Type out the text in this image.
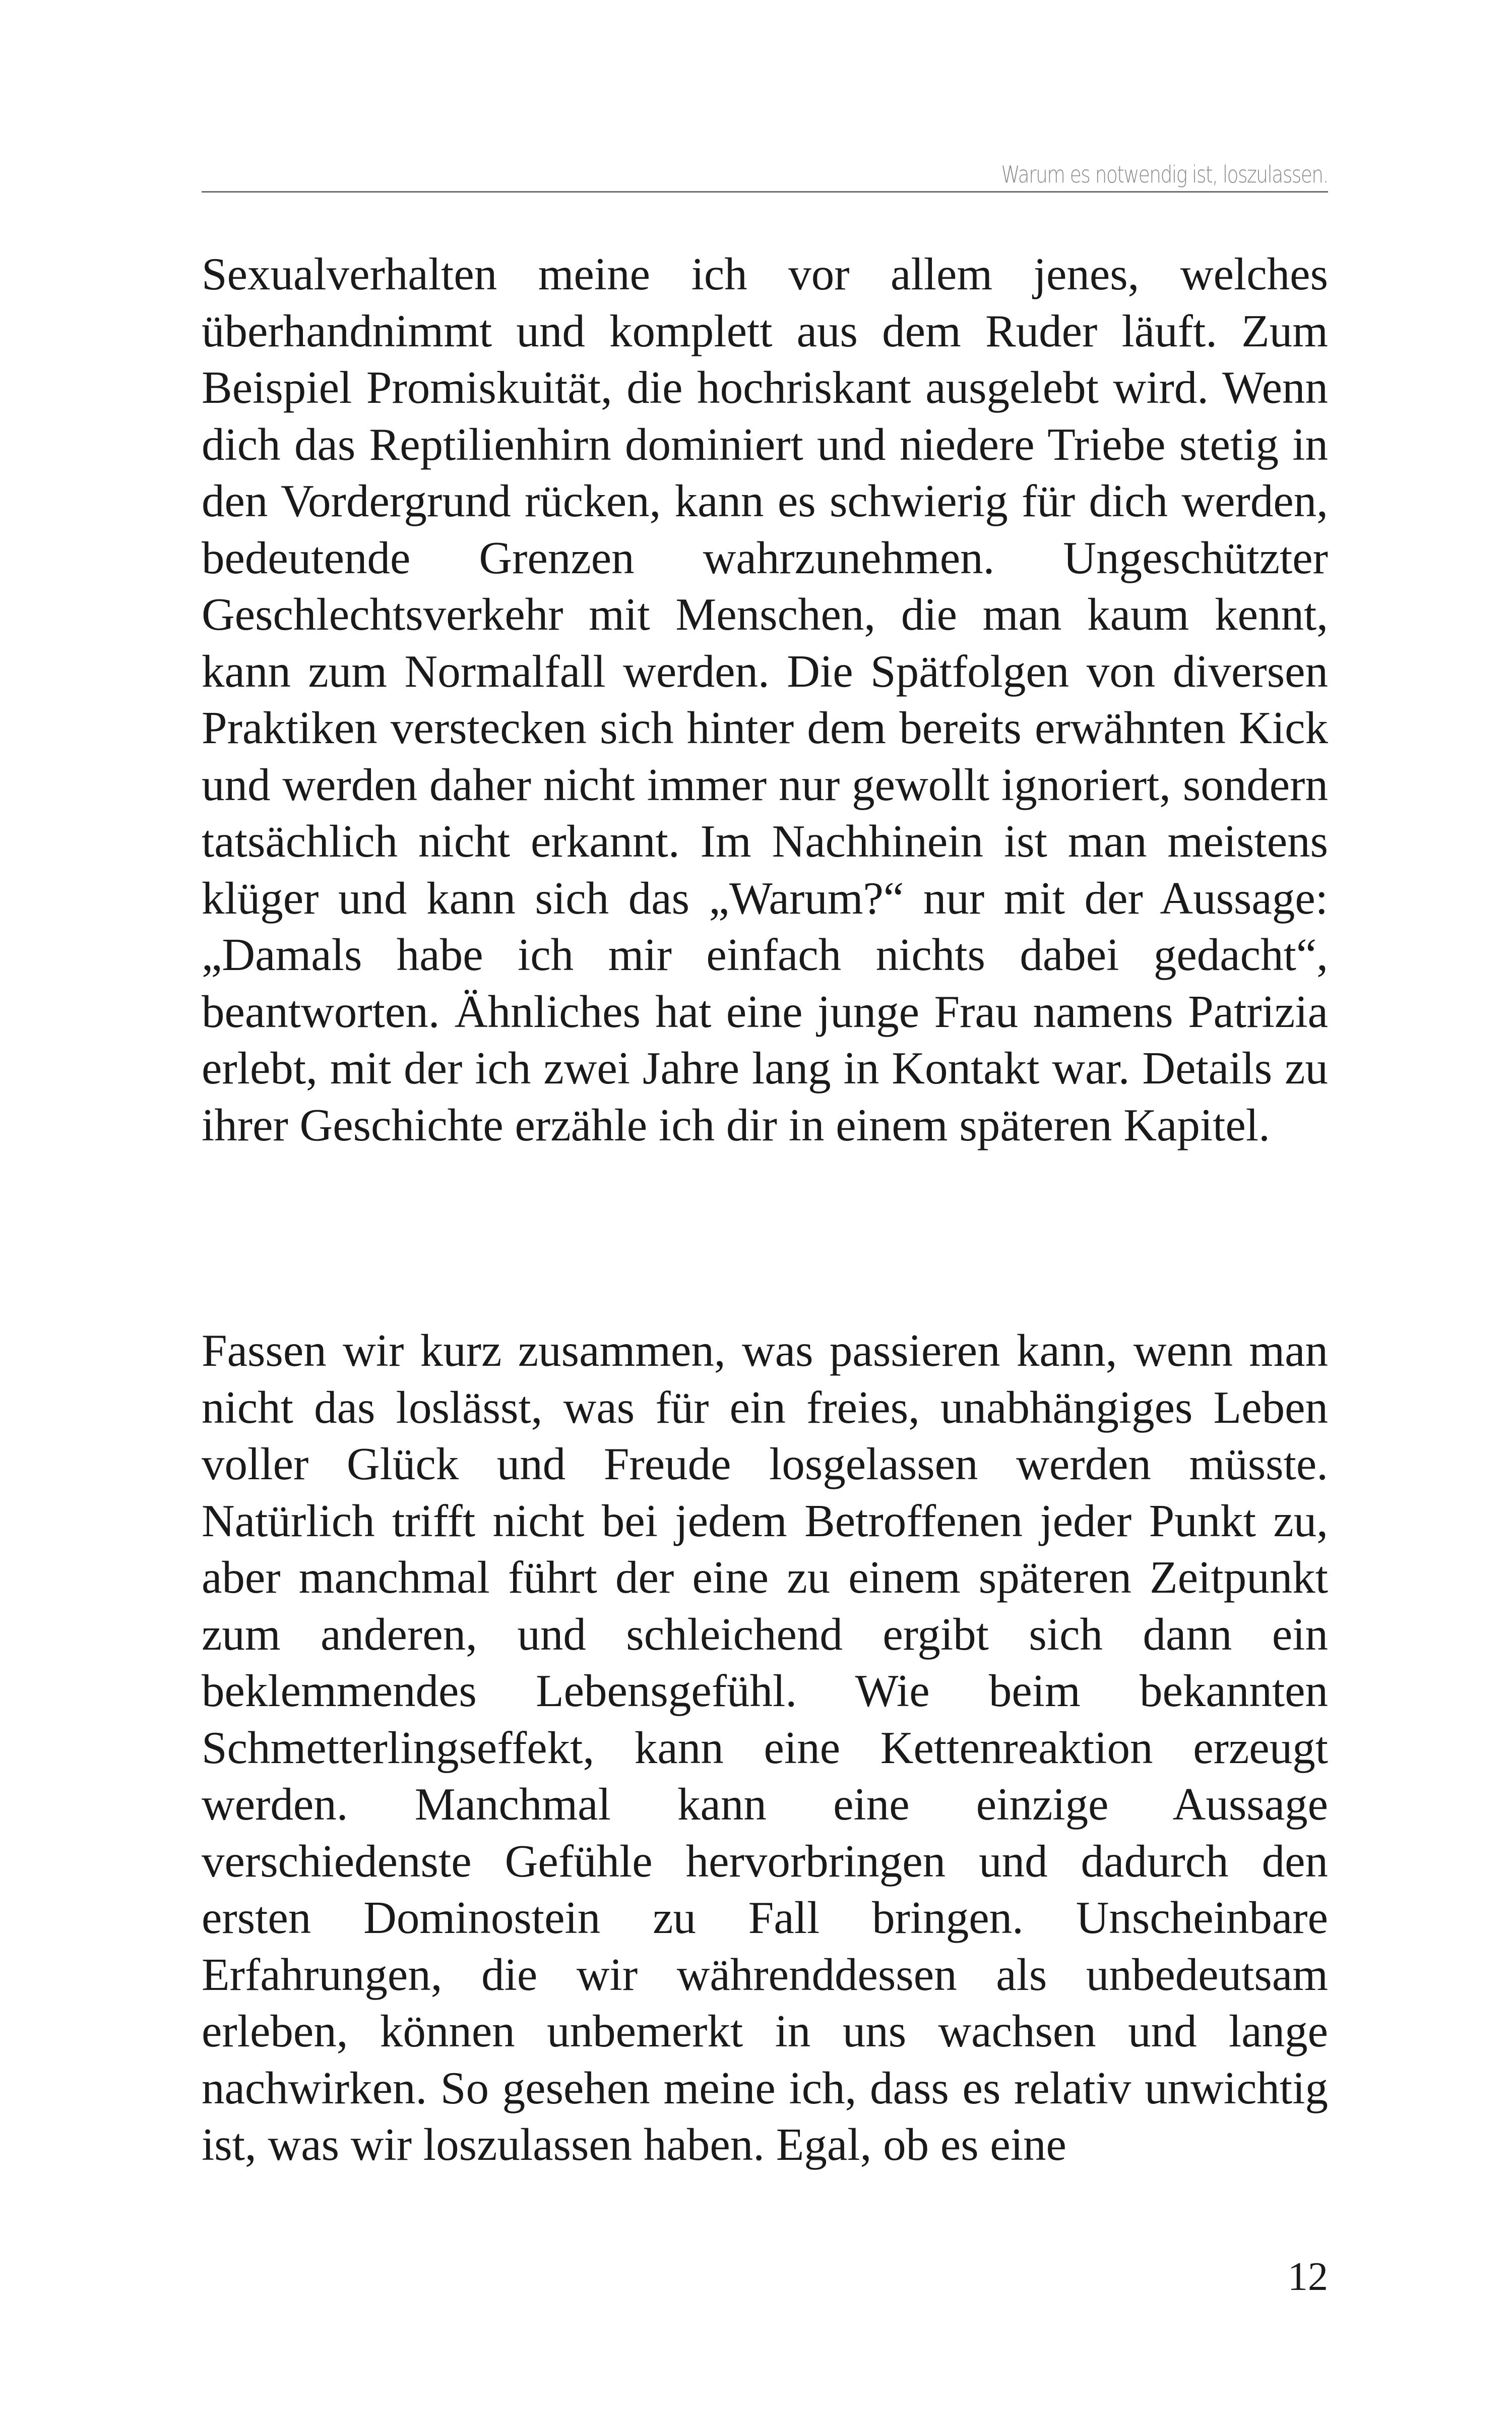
Warum es notwendig ist, loszulassen.

Sexualverhalten meine ich vor allem jenes, welches überhandnimmt und komplett aus dem Ruder läuft. Zum Beispiel Promiskuität, die hochriskant ausgelebt wird. Wenn dich das Reptilienhirn dominiert und niedere Triebe stetig in den Vordergrund rücken, kann es schwierig für dich werden, bedeutende Grenzen wahrzunehmen. Ungeschützter Geschlechtsverkehr mit Menschen, die man kaum kennt, kann zum Normalfall werden. Die Spätfolgen von diversen Praktiken verstecken sich hinter dem bereits erwähnten Kick und werden daher nicht immer nur gewollt ignoriert, sondern tatsächlich nicht erkannt. Im Nachhinein ist man meistens klüger und kann sich das „Warum?“ nur mit der Aussage: „Damals habe ich mir einfach nichts dabei gedacht“, beantworten. Ähnliches hat eine junge Frau namens Patrizia erlebt, mit der ich zwei Jahre lang in Kontakt war. Details zu ihrer Geschichte erzähle ich dir in einem späteren Kapitel.

Fassen wir kurz zusammen, was passieren kann, wenn man nicht das loslässt, was für ein freies, unabhängiges Leben voller Glück und Freude losgelassen werden müsste. Natürlich trifft nicht bei jedem Betroffenen jeder Punkt zu, aber manchmal führt der eine zu einem späteren Zeitpunkt zum anderen, und schleichend ergibt sich dann ein beklemmendes Lebensgefühl. Wie beim bekannten Schmetterlingseffekt, kann eine Kettenreaktion erzeugt werden. Manchmal kann eine einzige Aussage verschiedenste Gefühle hervorbringen und dadurch den ersten Dominostein zu Fall bringen. Unscheinbare Erfahrungen, die wir währenddessen als unbedeutsam erleben, können unbemerkt in uns wachsen und lange nachwirken. So gesehen meine ich, dass es relativ unwichtig ist, was wir loszulassen haben. Egal, ob es eine

12
